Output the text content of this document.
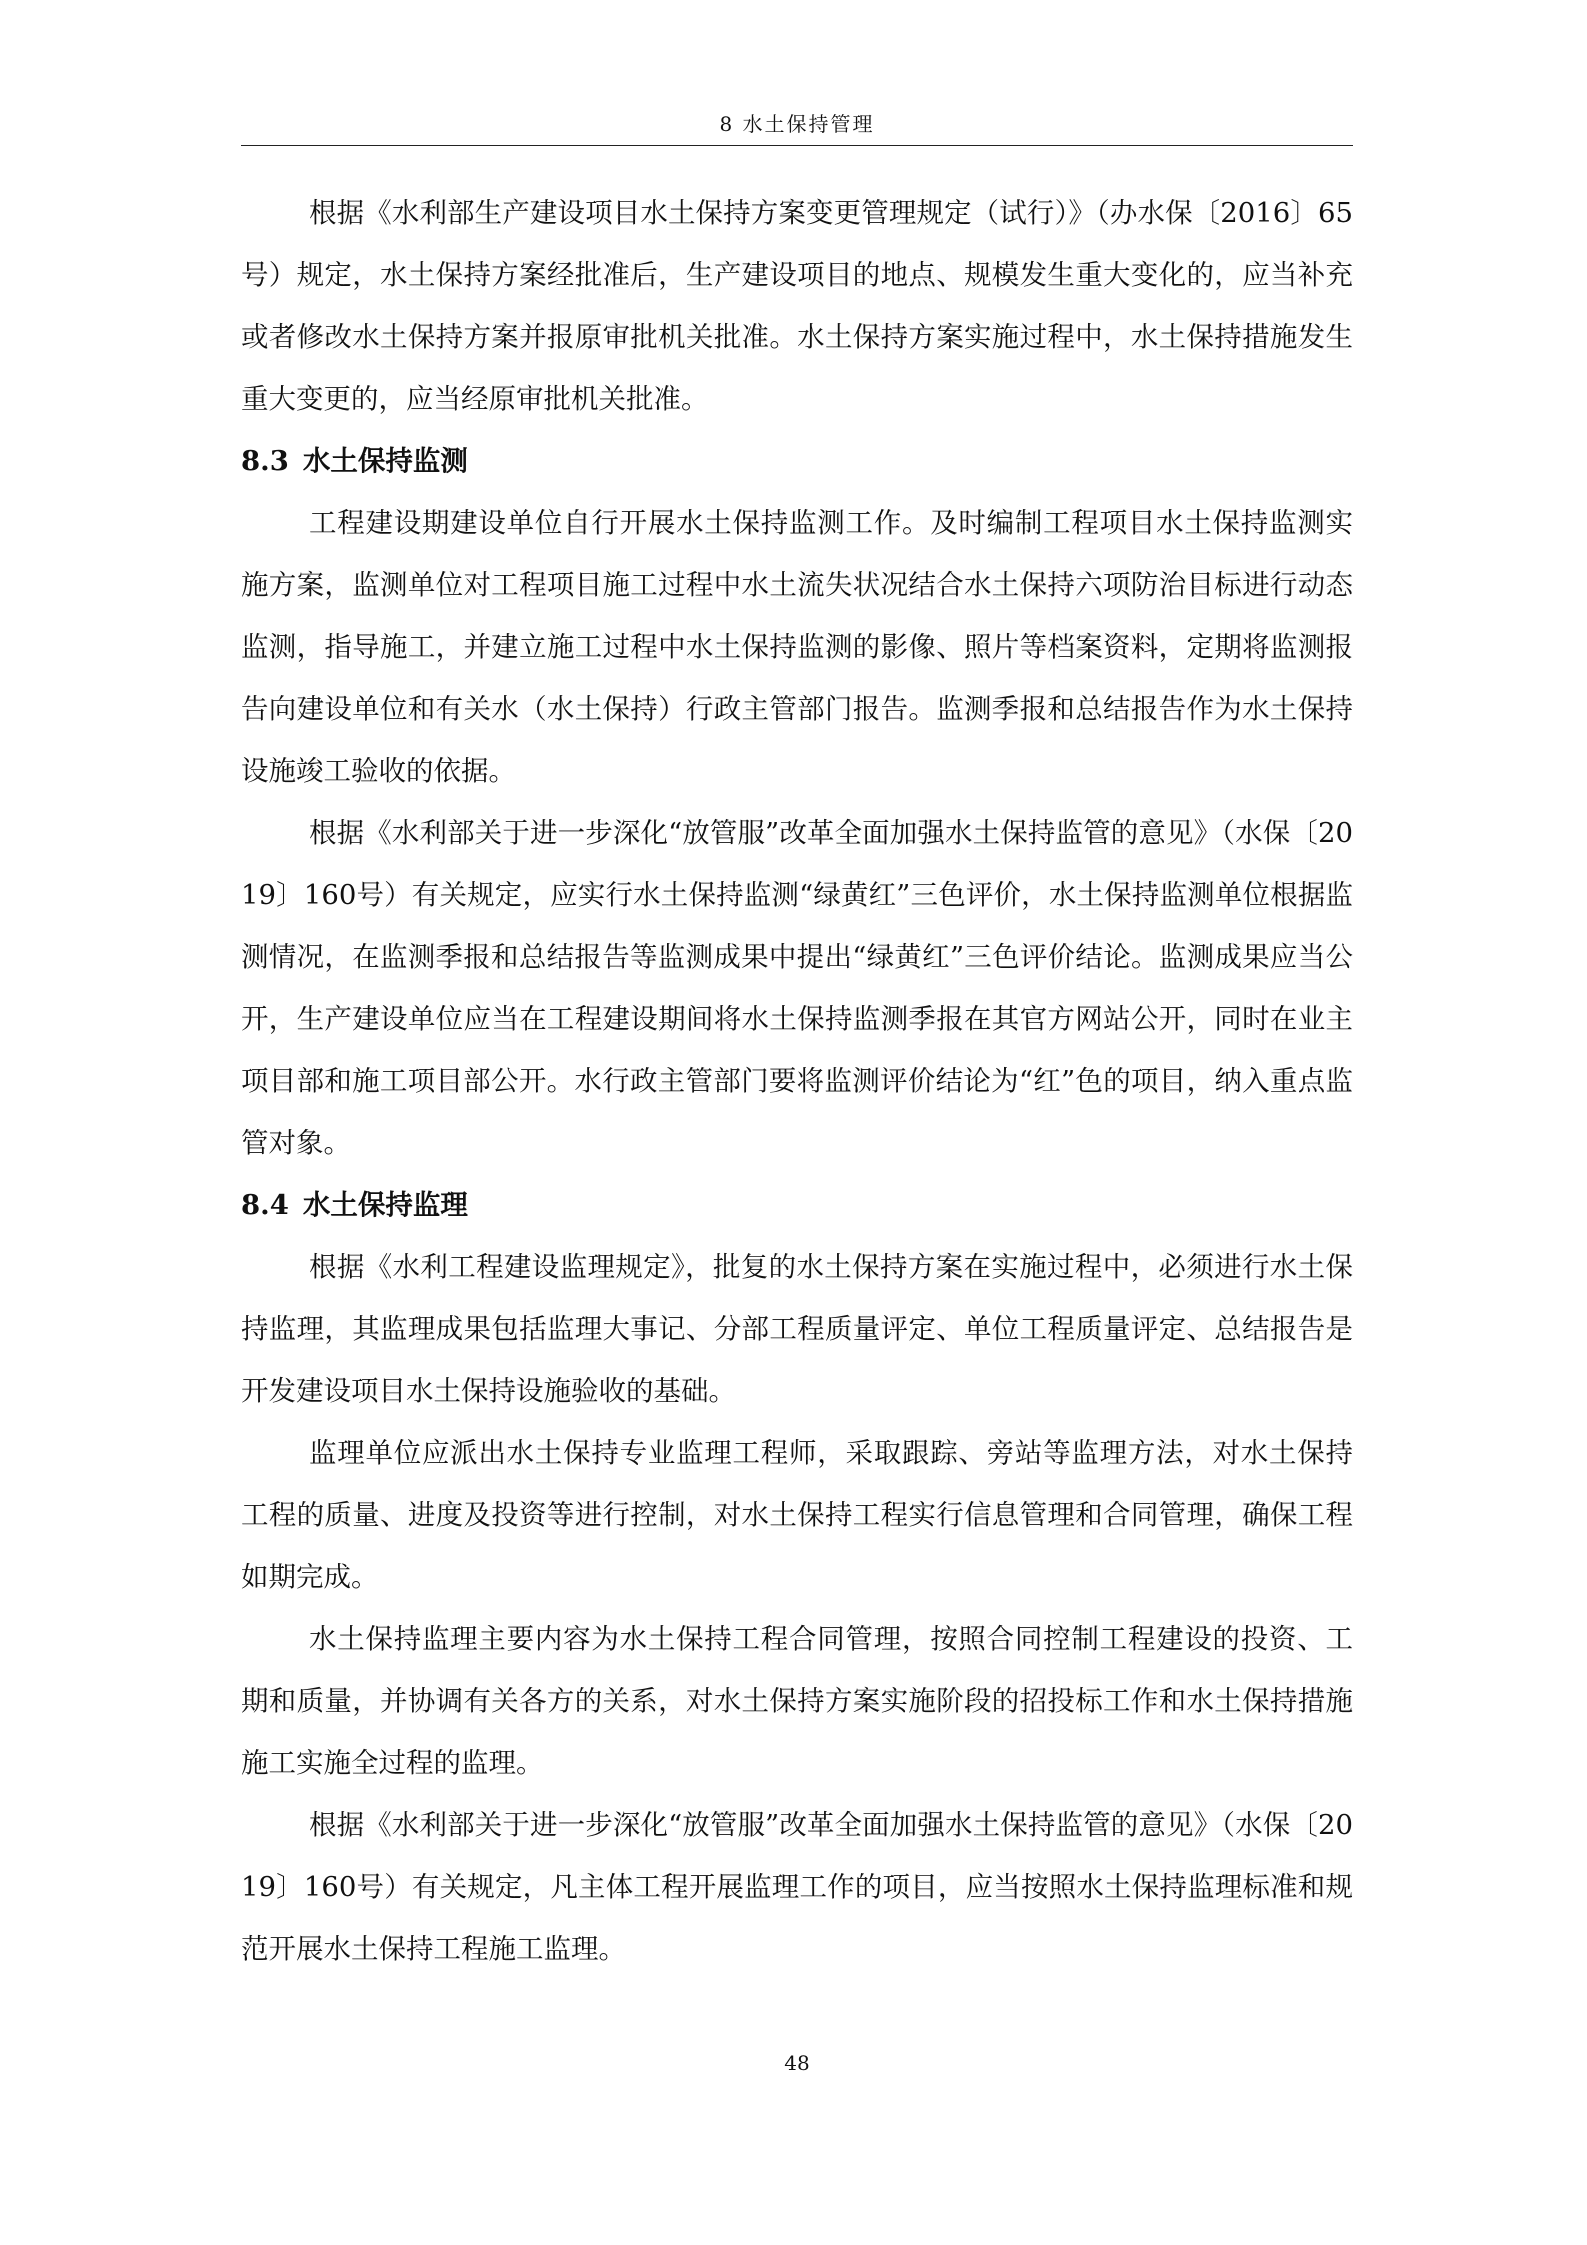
8 水土保持管理

根据《水利部生产建设项目水土保持方案变更管理规定（试行）》（办水保〔2016〕65号）规定，水土保持方案经批准后，生产建设项目的地点、规模发生重大变化的，应当补充或者修改水土保持方案并报原审批机关批准。水土保持方案实施过程中，水土保持措施发生重大变更的，应当经原审批机关批准。

8.3 水土保持监测

工程建设期建设单位自行开展水土保持监测工作。及时编制工程项目水土保持监测实施方案，监测单位对工程项目施工过程中水土流失状况结合水土保持六项防治目标进行动态监测，指导施工，并建立施工过程中水土保持监测的影像、照片等档案资料，定期将监测报告向建设单位和有关水（水土保持）行政主管部门报告。监测季报和总结报告作为水土保持设施竣工验收的依据。

根据《水利部关于进一步深化“放管服”改革全面加强水土保持监管的意见》（水保〔2019〕160号）有关规定，应实行水土保持监测“绿黄红”三色评价，水土保持监测单位根据监测情况，在监测季报和总结报告等监测成果中提出“绿黄红”三色评价结论。监测成果应当公开，生产建设单位应当在工程建设期间将水土保持监测季报在其官方网站公开，同时在业主项目部和施工项目部公开。水行政主管部门要将监测评价结论为“红”色的项目，纳入重点监管对象。

8.4 水土保持监理

根据《水利工程建设监理规定》，批复的水土保持方案在实施过程中，必须进行水土保持监理，其监理成果包括监理大事记、分部工程质量评定、单位工程质量评定、总结报告是开发建设项目水土保持设施验收的基础。

监理单位应派出水土保持专业监理工程师，采取跟踪、旁站等监理方法，对水土保持工程的质量、进度及投资等进行控制，对水土保持工程实行信息管理和合同管理，确保工程如期完成。

水土保持监理主要内容为水土保持工程合同管理，按照合同控制工程建设的投资、工期和质量，并协调有关各方的关系，对水土保持方案实施阶段的招投标工作和水土保持措施施工实施全过程的监理。

根据《水利部关于进一步深化“放管服”改革全面加强水土保持监管的意见》（水保〔2019〕160号）有关规定，凡主体工程开展监理工作的项目，应当按照水土保持监理标准和规范开展水土保持工程施工监理。

48
